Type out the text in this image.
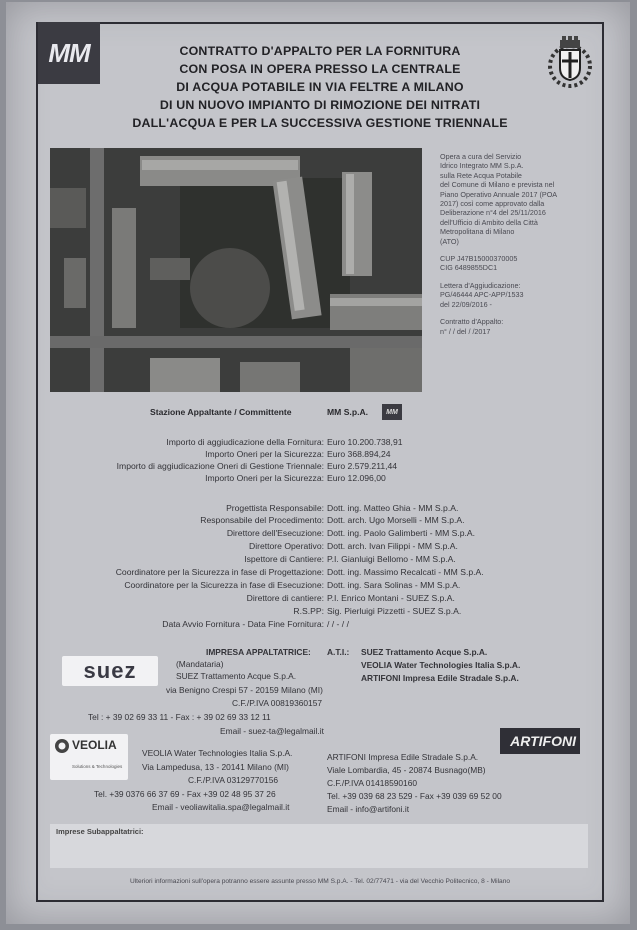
MM	CONTRATTO D'APPALTO PER LA FORNITURA
CON POSA IN OPERA PRESSO LA CENTRALE
DI ACQUA POTABILE IN VIA FELTRE A MILANO
DI UN NUOVO IMPIANTO DI RIMOZIONE DEI NITRATI
DALL'ACQUA E PER LA SUCCESSIVA GESTIONE TRIENNALE
Opera a cura del Servizio
Idrico Integrato MM S.p.A.
sulla Rete Acqua Potabile
del Comune di Milano e prevista nel
Piano Operativo Annuale 2017 (POA
2017) così come approvato dalla
Deliberazione n°4 del 25/11/2016
dell'Ufficio di Ambito della Città
Metropolitana di Milano
(ATO)
CUP J47B15000370005
CIG 6489855DC1
Lettera d'Aggiudicazione:
PG/46444 APC-APP/1533
del 22/09/2016 -
Contratto d'Appalto:
n° / / del / /2017
Stazione Appaltante / Committente	MM S.p.A.	MM
Importo di aggiudicazione della Fornitura: Euro 10.200.738,91
Importo Oneri per la Sicurezza: Euro 368.894,24
Importo di aggiudicazione Oneri di Gestione Triennale: Euro 2.579.211,44
Importo Oneri per la Sicurezza: Euro 12.096,00
Progettista Responsabile: Dott. ing. Matteo Ghia - MM S.p.A.
Responsabile del Procedimento: Dott. arch. Ugo Morselli - MM S.p.A.
Direttore dell'Esecuzione: Dott. ing. Paolo Galimberti - MM S.p.A.
Direttore Operativo: Dott. arch. Ivan Filippi - MM S.p.A.
Ispettore di Cantiere: P.I. Gianluigi Bellomo - MM S.p.A.
Coordinatore per la Sicurezza in fase di Progettazione: Dott. ing. Massimo Recalcati - MM S.p.A.
Coordinatore per la Sicurezza in fase di Esecuzione: Dott. ing. Sara Solinas - MM S.p.A.
Direttore di cantiere: P.I. Enrico Montani - SUEZ S.p.A.
R.S.PP: Sig. Pierluigi Pizzetti - SUEZ S.p.A.
Data Avvio Fornitura - Data Fine Fornitura: / / - / /
IMPRESA APPALTATRICE:
(Mandataria)
suez	SUEZ Trattamento Acque S.p.A.
via Benigno Crespi 57 - 20159 Milano (MI)
C.F./P.IVA 00819360157
Tel : + 39 02 69 33 11 - Fax : + 39 02 69 33 12 11
Email - suez-ta@legalmail.it
A.T.I.: SUEZ Trattamento Acque S.p.A.
VEOLIA Water Technologies Italia S.p.A.
ARTIFONI Impresa Edile Stradale S.p.A.
VEOLIA
Solutions & Technologies
VEOLIA Water Technologies Italia S.p.A.
Via Lampedusa, 13 - 20141 Milano (MI)
C.F./P.IVA 03129770156
Tel. +39 0376 66 37 69 - Fax +39 02 48 95 37 26
Email - veoliawitalia.spa@legalmail.it
ARTIFONI
ARTIFONI Impresa Edile Stradale S.p.A.
Viale Lombardia, 45 - 20874 Busnago(MB)
C.F./P.IVA 01418590160
Tel. +39 039 68 23 529 - Fax +39 039 69 52 00
Email - info@artifoni.it
Imprese Subappaltatrici:
Ulteriori informazioni sull'opera potranno essere assunte presso MM S.p.A. - Tel. 02/77471 - via del Vecchio Politecnico, 8 - Milano
